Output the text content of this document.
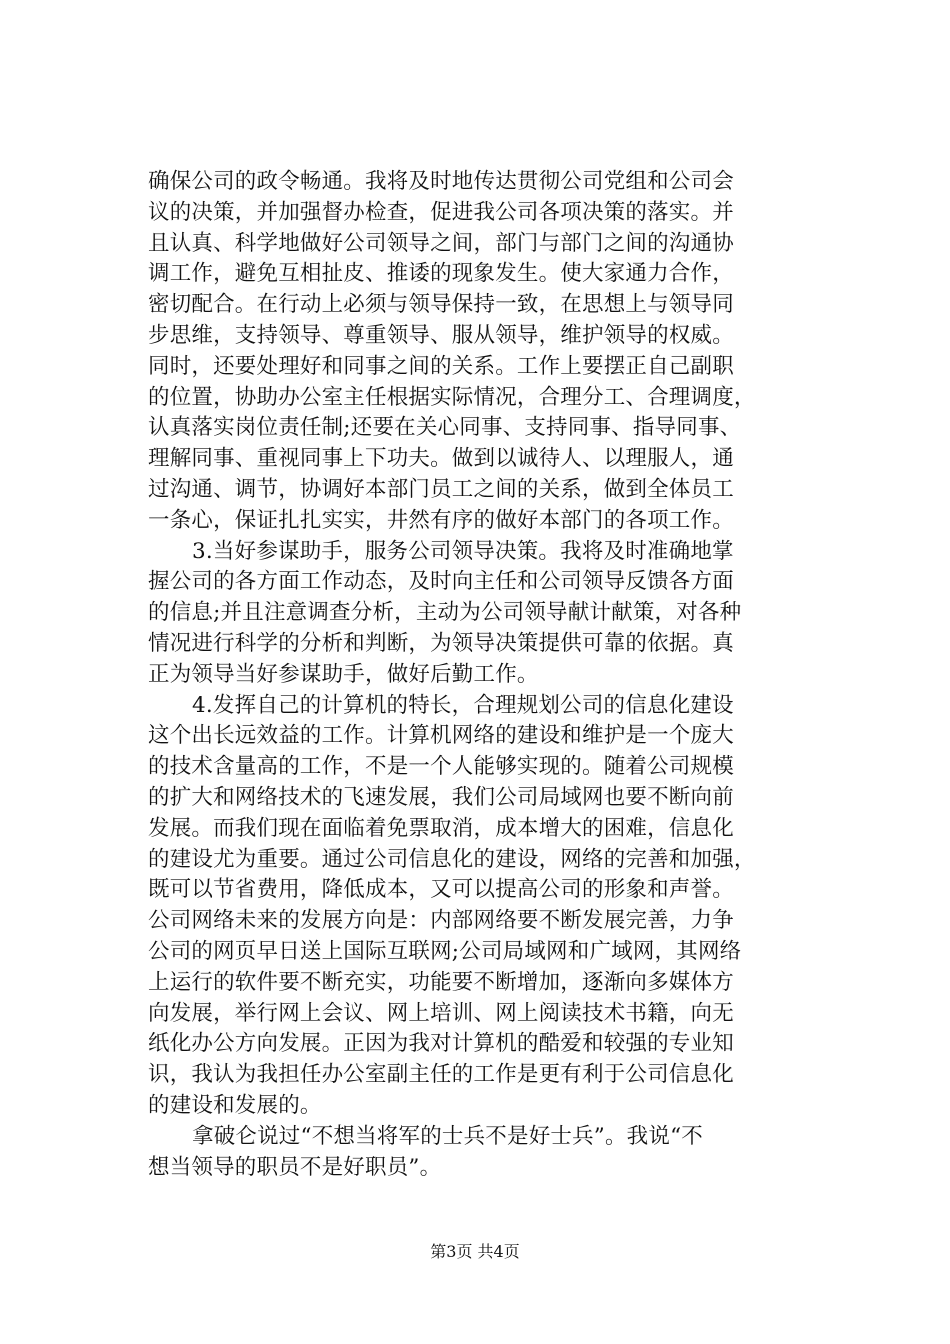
确保公司的政令畅通。我将及时地传达贯彻公司党组和公司会
议的决策，并加强督办检查，促进我公司各项决策的落实。并
且认真、科学地做好公司领导之间，部门与部门之间的沟通协
调工作，避免互相扯皮、推诿的现象发生。使大家通力合作，
密切配合。在行动上必须与领导保持一致，在思想上与领导同
步思维，支持领导、尊重领导、服从领导，维护领导的权威。
同时，还要处理好和同事之间的关系。工作上要摆正自己副职
的位置，协助办公室主任根据实际情况，合理分工、合理调度，
认真落实岗位责任制;还要在关心同事、支持同事、指导同事、
理解同事、重视同事上下功夫。做到以诚待人、以理服人，通
过沟通、调节，协调好本部门员工之间的关系，做到全体员工
一条心，保证扎扎实实，井然有序的做好本部门的各项工作。
3.当好参谋助手，服务公司领导决策。我将及时准确地掌
握公司的各方面工作动态，及时向主任和公司领导反馈各方面
的信息;并且注意调查分析，主动为公司领导献计献策，对各种
情况进行科学的分析和判断，为领导决策提供可靠的依据。真
正为领导当好参谋助手，做好后勤工作。
4.发挥自己的计算机的特长，合理规划公司的信息化建设
这个出长远效益的工作。计算机网络的建设和维护是一个庞大
的技术含量高的工作，不是一个人能够实现的。随着公司规模
的扩大和网络技术的飞速发展，我们公司局域网也要不断向前
发展。而我们现在面临着免票取消，成本增大的困难，信息化
的建设尤为重要。通过公司信息化的建设，网络的完善和加强，
既可以节省费用，降低成本，又可以提高公司的形象和声誉。
公司网络未来的发展方向是：内部网络要不断发展完善，力争
公司的网页早日送上国际互联网;公司局域网和广域网，其网络
上运行的软件要不断充实，功能要不断增加，逐渐向多媒体方
向发展，举行网上会议、网上培训、网上阅读技术书籍，向无
纸化办公方向发展。正因为我对计算机的酷爱和较强的专业知
识，我认为我担任办公室副主任的工作是更有利于公司信息化
的建设和发展的。
拿破仑说过“不想当将军的士兵不是好士兵”。我说“不
想当领导的职员不是好职员”。
第3页 共4页
